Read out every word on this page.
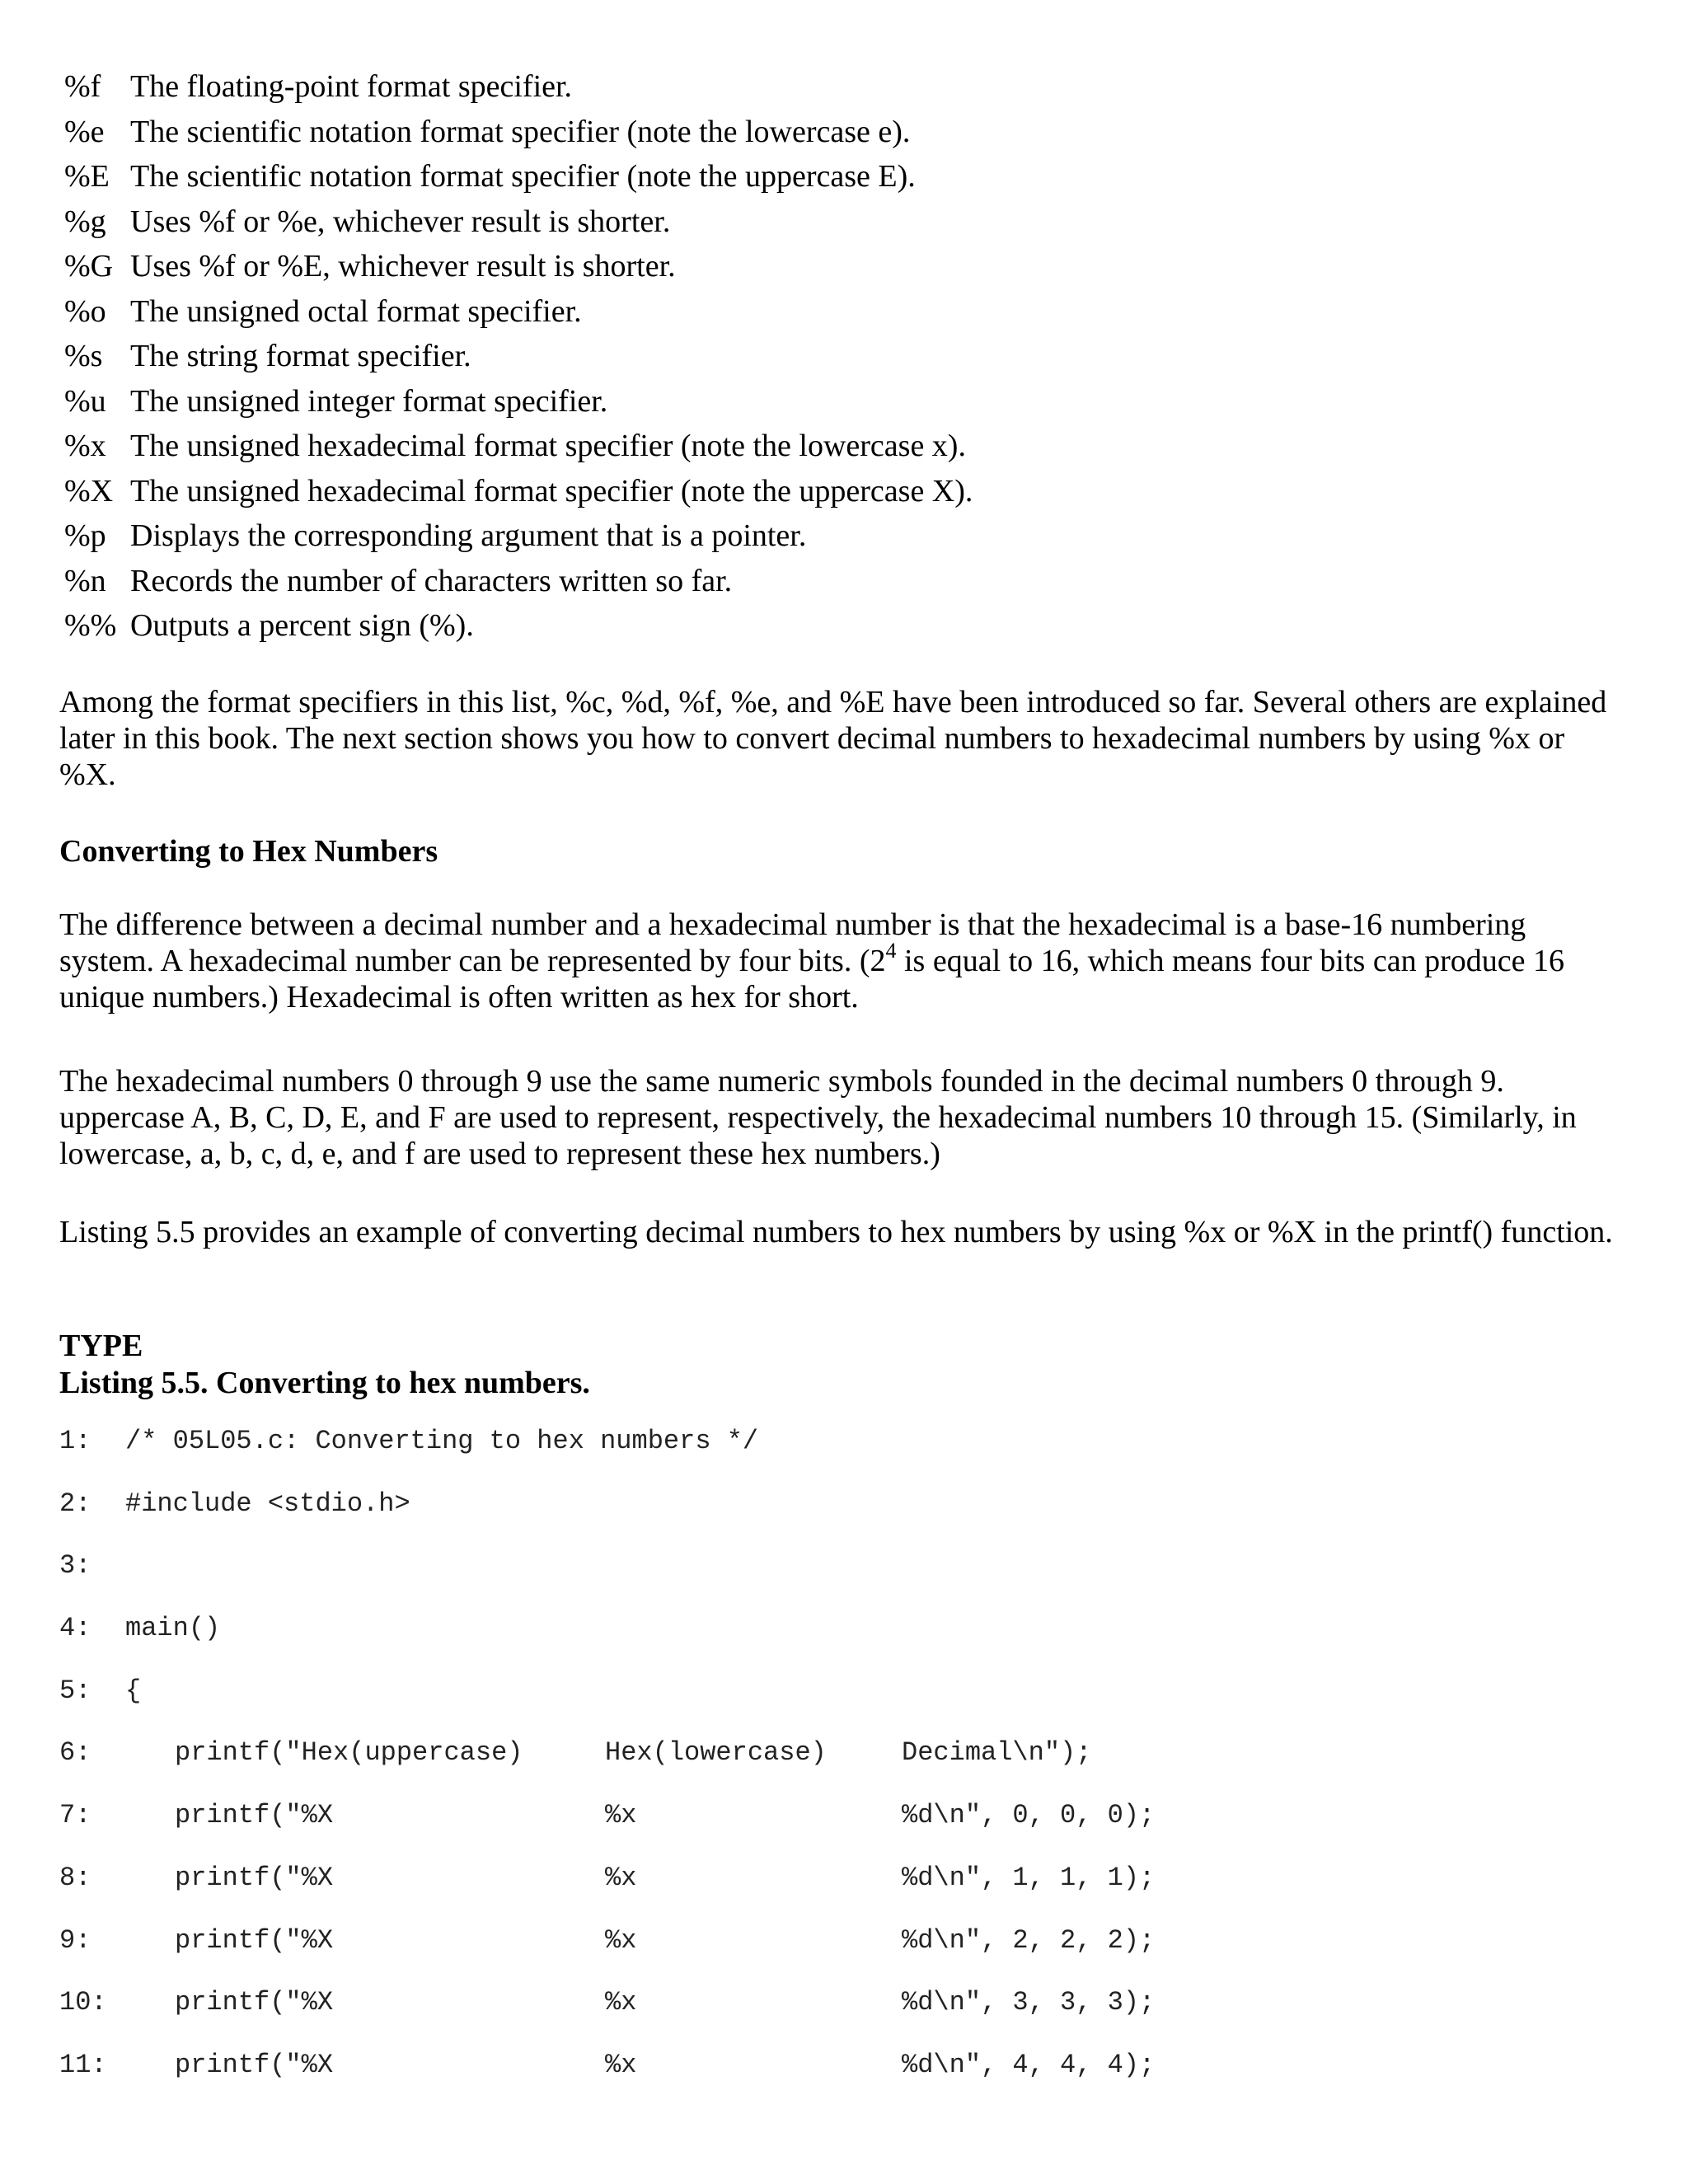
%f The floating-point format specifier.
%e The scientific notation format specifier (note the lowercase e).
%E The scientific notation format specifier (note the uppercase E).
%g Uses %f or %e, whichever result is shorter.
%G Uses %f or %E, whichever result is shorter.
%o The unsigned octal format specifier.
%s The string format specifier.
%u The unsigned integer format specifier.
%x The unsigned hexadecimal format specifier (note the lowercase x).
%X The unsigned hexadecimal format specifier (note the uppercase X).
%p Displays the corresponding argument that is a pointer.
%n Records the number of characters written so far.
%% Outputs a percent sign (%).

Among the format specifiers in this list, %c, %d, %f, %e, and %E have been introduced so far. Several others are explained later in this book. The next section shows you how to convert decimal numbers to hexadecimal numbers by using %x or %X.

Converting to Hex Numbers

The difference between a decimal number and a hexadecimal number is that the hexadecimal is a base-16 numbering system. A hexadecimal number can be represented by four bits. ($2^4$ is equal to 16, which means four bits can produce 16 unique numbers.) Hexadecimal is often written as hex for short.

The hexadecimal numbers 0 through 9 use the same numeric symbols founded in the decimal numbers 0 through 9. uppercase A, B, C, D, E, and F are used to represent, respectively, the hexadecimal numbers 10 through 15. (Similarly, in lowercase, a, b, c, d, e, and f are used to represent these hex numbers.)

Listing 5.5 provides an example of converting decimal numbers to hex numbers by using %x or %X in the printf() function.

TYPE
Listing 5.5. Converting to hex numbers.
1: /* 05L05.c: Converting to hex numbers */
2: #include <stdio.h>
3:
4: main()
5: {
6:	printf("Hex(uppercase)	Hex(lowercase)	Decimal\n");
7:	printf("%X	%x	%d\n", 0, 0, 0);
8:	printf("%X	%x	%d\n", 1, 1, 1);
9:	printf("%X	%x	%d\n", 2, 2, 2);
10:	printf("%X	%x	%d\n", 3, 3, 3);
11:	printf("%X	%x	%d\n", 4, 4, 4);
